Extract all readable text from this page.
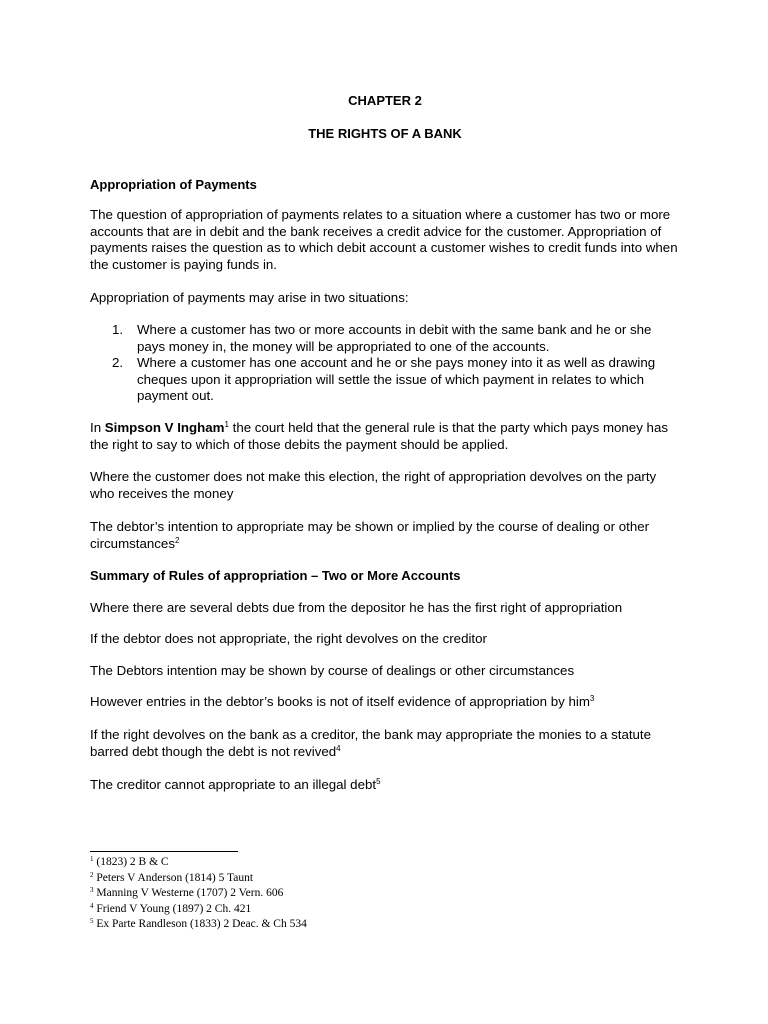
CHAPTER 2
THE RIGHTS OF A BANK
Appropriation of Payments
The question of appropriation of payments relates to a situation where a customer has two or more accounts that are in debit and the bank receives a credit advice for the customer. Appropriation of payments raises the question as to which debit account a customer wishes to credit funds into when the customer is paying funds in.
Appropriation of payments may arise in two situations:
1. Where a customer has two or more accounts in debit with the same bank and he or she pays money in, the money will be appropriated to one of the accounts.
2. Where a customer has one account and he or she pays money into it as well as drawing cheques upon it appropriation will settle the issue of which payment in relates to which payment out.
In Simpson V Ingham$^1$ the court held that the general rule is that the party which pays money has the right to say to which of those debits the payment should be applied.
Where the customer does not make this election, the right of appropriation devolves on the party who receives the money
The debtor’s intention to appropriate may be shown or implied by the course of dealing or other circumstances$^2$
Summary of Rules of appropriation – Two or More Accounts
Where there are several debts due from the depositor he has the first right of appropriation
If the debtor does not appropriate, the right devolves on the creditor
The Debtors intention may be shown by course of dealings or other circumstances
However entries in the debtor’s books is not of itself evidence of appropriation by him$^3$
If the right devolves on the bank as a creditor, the bank may appropriate the monies to a statute barred debt though the debt is not revived$^4$
The creditor cannot appropriate to an illegal debt$^5$
$^1$ (1823) 2 B & C
$^2$ Peters V Anderson (1814) 5 Taunt
$^3$ Manning V Westerne (1707) 2 Vern. 606
$^4$ Friend V Young (1897) 2 Ch. 421
$^5$ Ex Parte Randleson (1833) 2 Deac. & Ch 534
